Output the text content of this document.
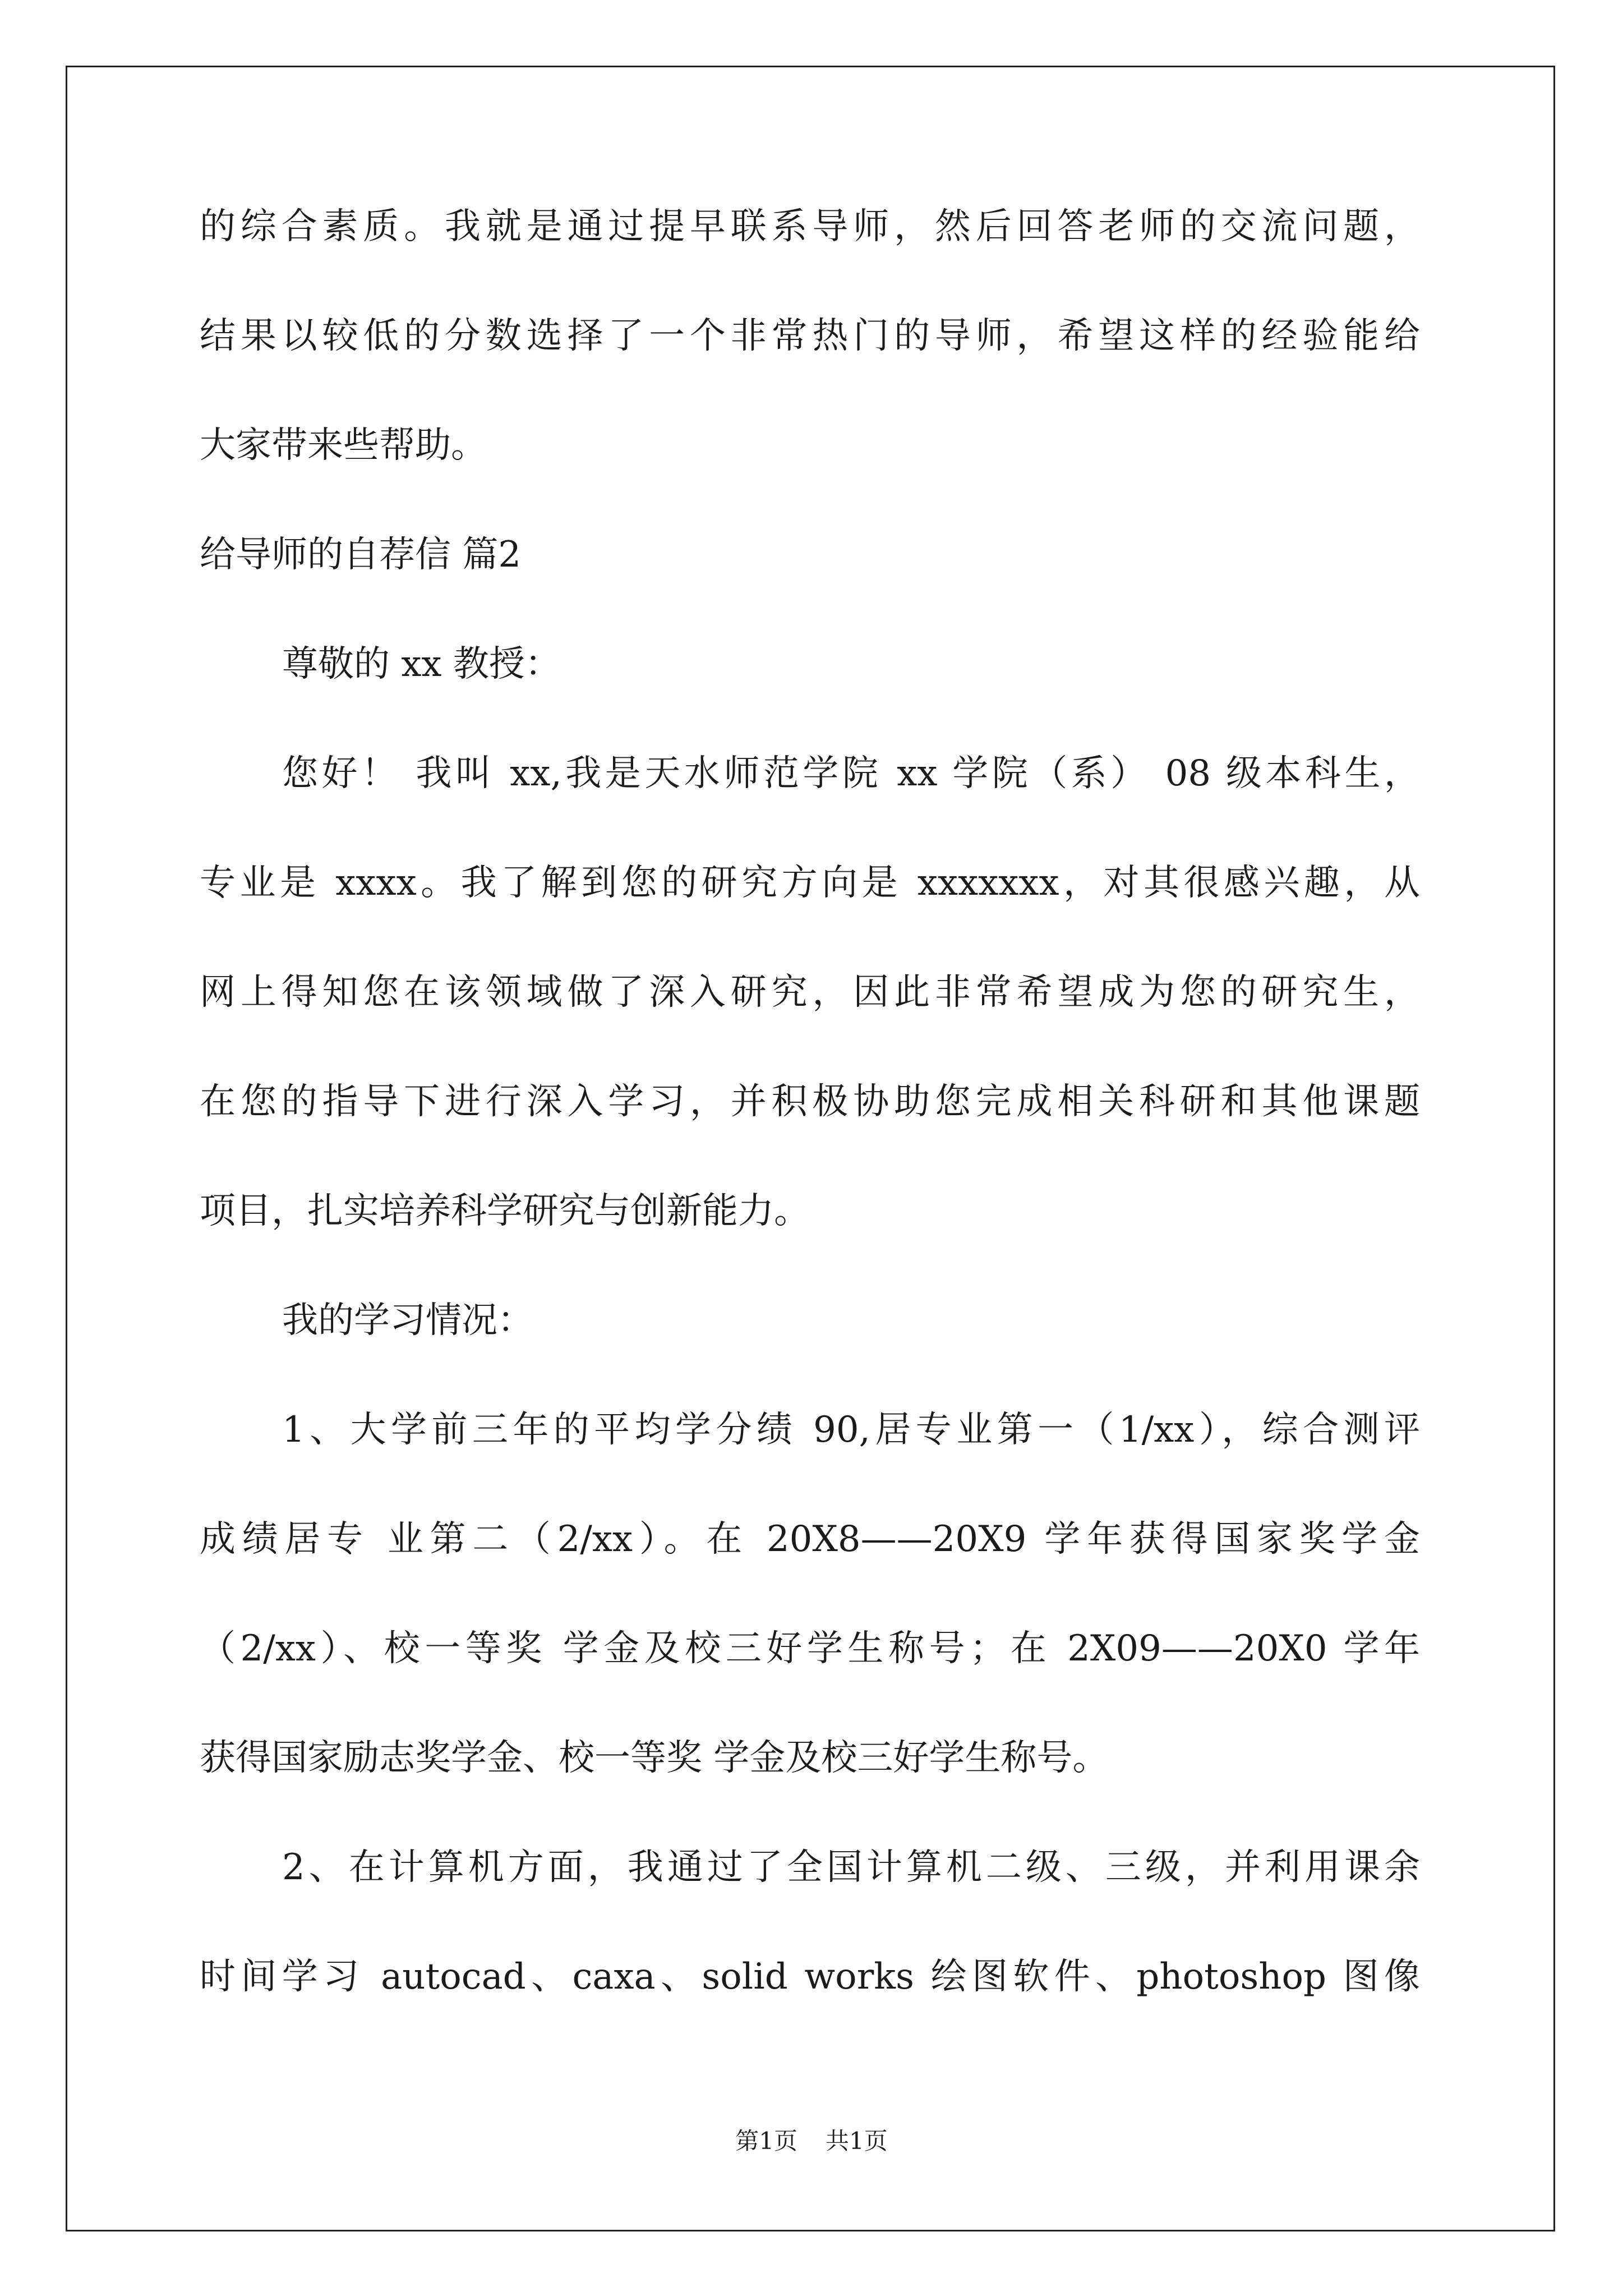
的综合素质。我就是通过提早联系导师，然后回答老师的交流问题，

结果以较低的分数选择了一个非常热门的导师，希望这样的经验能给

大家带来些帮助。

给导师的自荐信 篇2

尊敬的 xx 教授：

您好！ 我叫 xx,我是天水师范学院 xx 学院（系） 08 级本科生，

专业是 xxxx。我了解到您的研究方向是 xxxxxxx，对其很感兴趣，从

网上得知您在该领域做了深入研究，因此非常希望成为您的研究生，

在您的指导下进行深入学习，并积极协助您完成相关科研和其他课题

项目，扎实培养科学研究与创新能力。

我的学习情况：

1、大学前三年的平均学分绩 90,居专业第一（1/xx），综合测评

成绩居专 业第二（2/xx）。在 20X8——20X9 学年获得国家奖学金

（2/xx）、校一等奖 学金及校三好学生称号；在 2X09——20X0 学年

获得国家励志奖学金、校一等奖 学金及校三好学生称号。

2、在计算机方面，我通过了全国计算机二级、三级，并利用课余

时间学习 autocad、caxa、solid works 绘图软件、photoshop 图像

第1页 共1页
